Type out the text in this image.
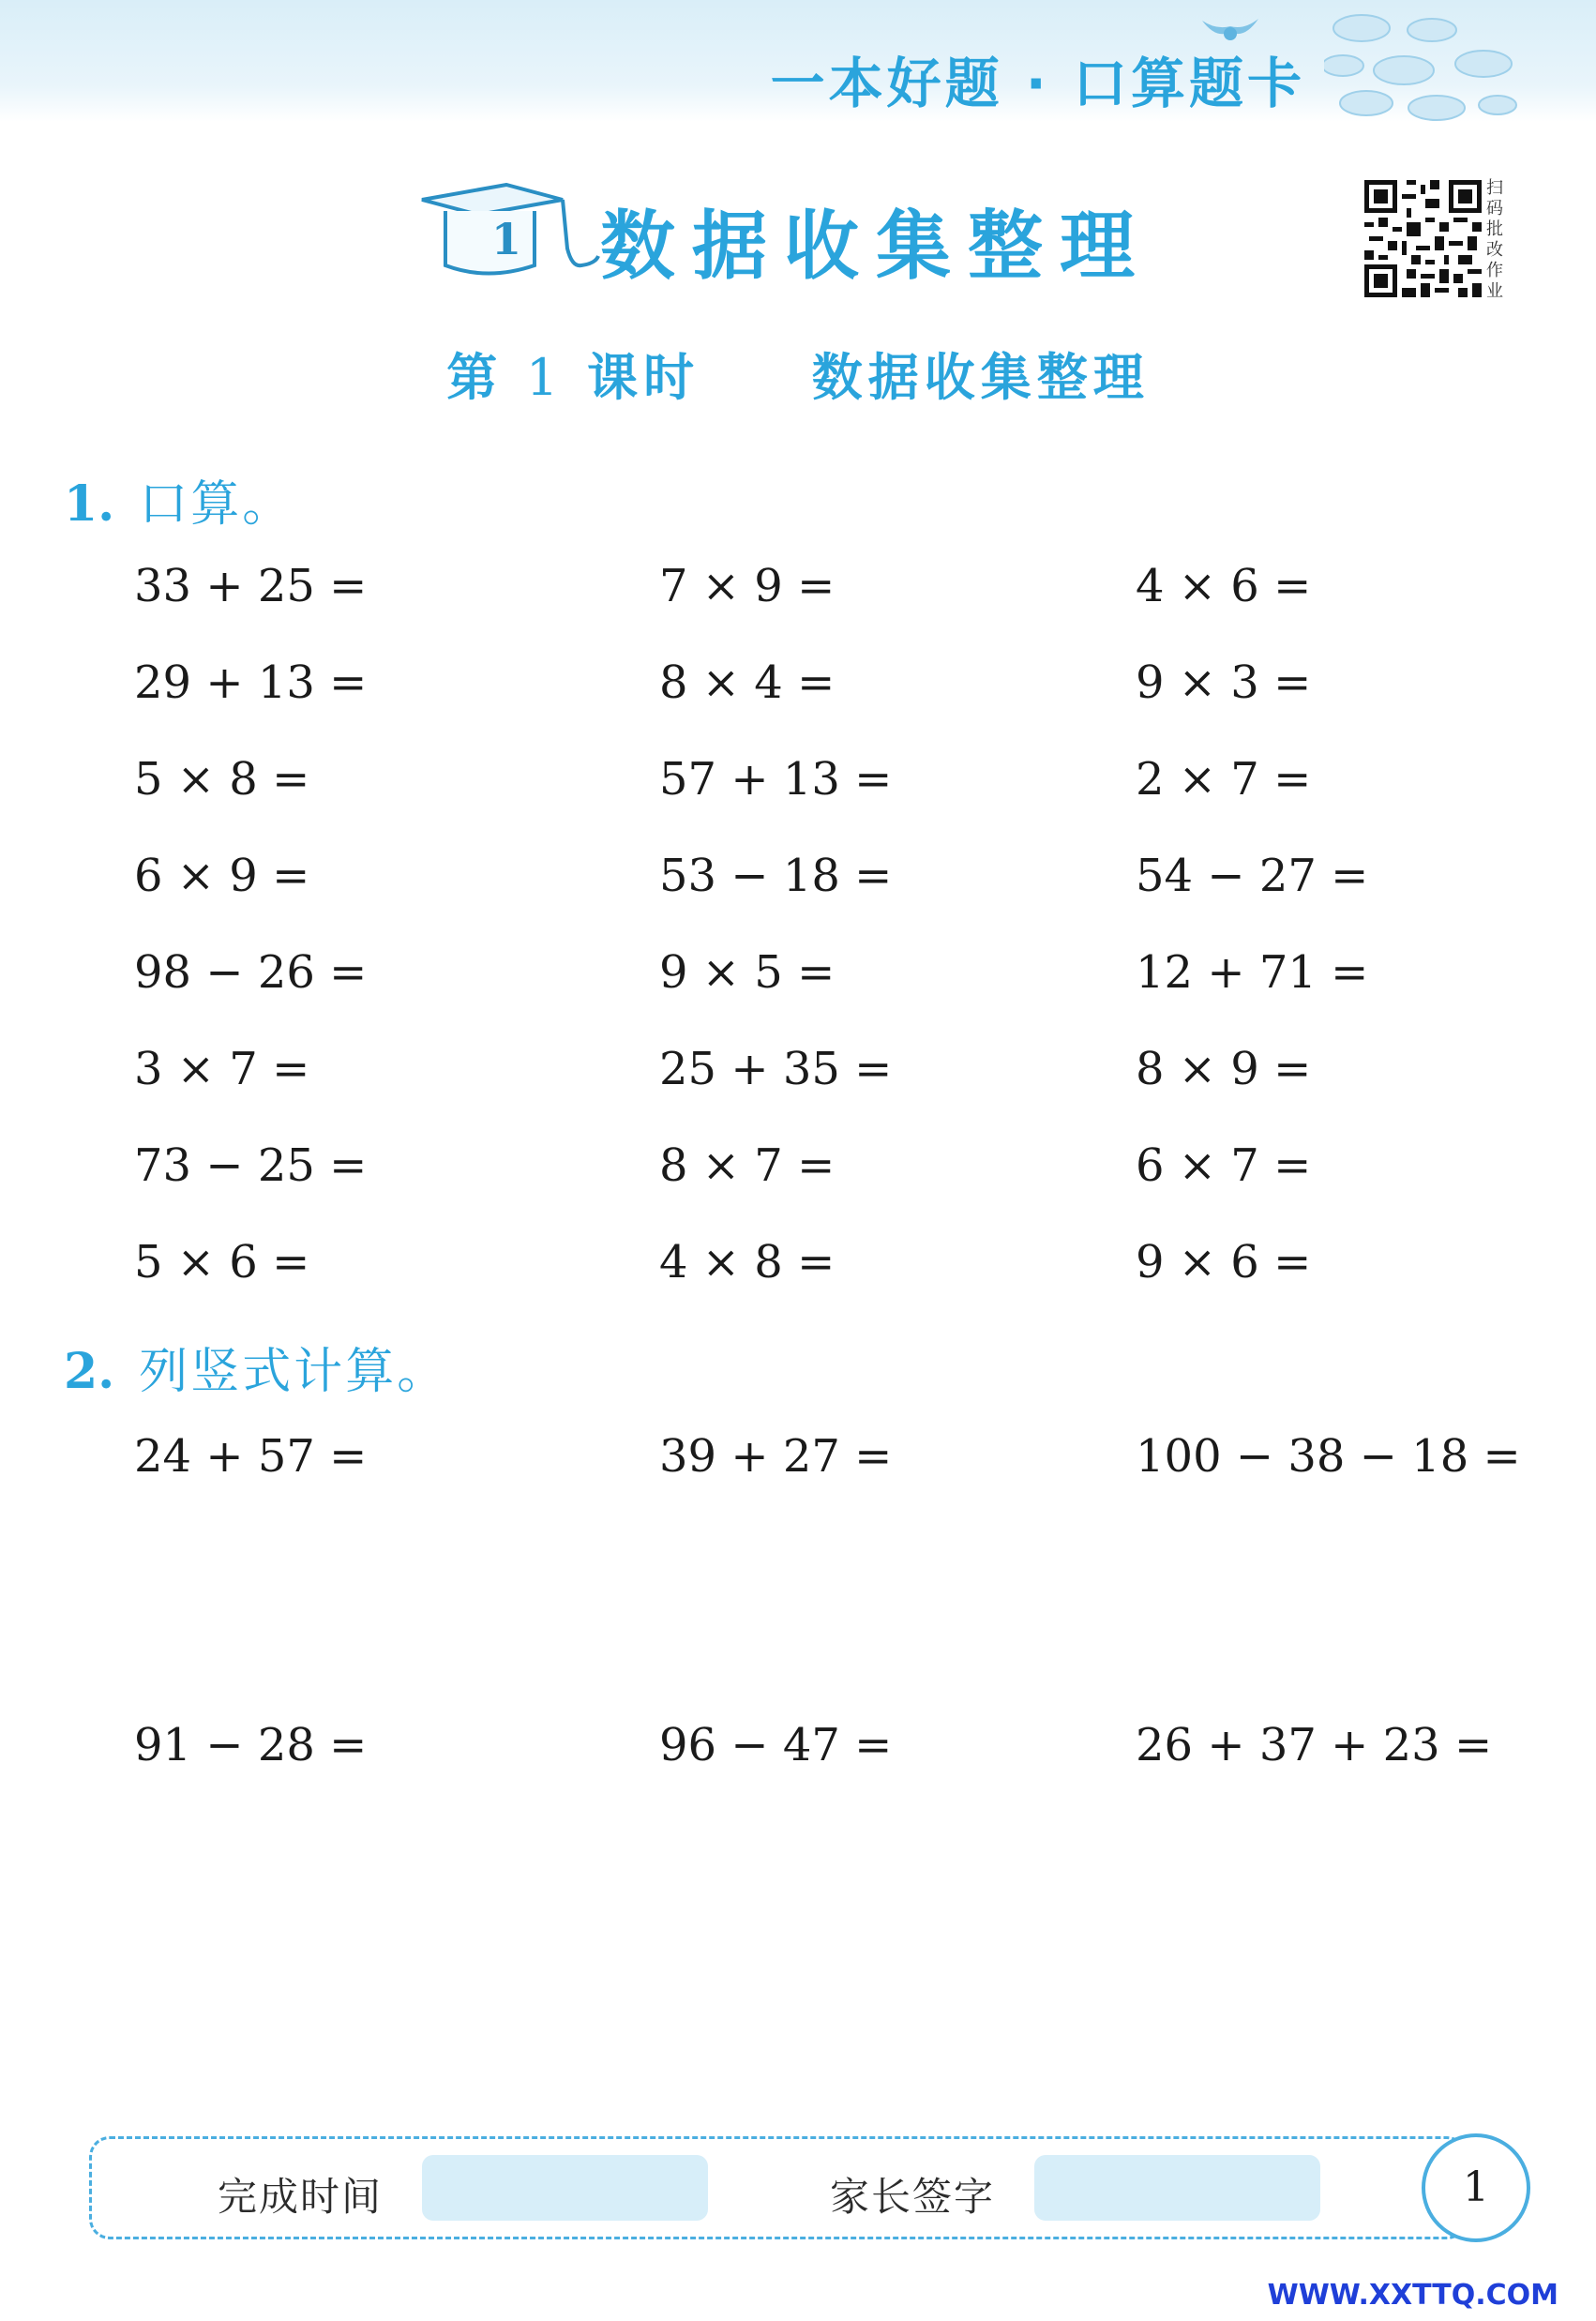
一本好题 · 口算题卡
1 数据收集整理
扫码批改作业
第 1 课时 数据收集整理
1. 口算。
33 + 25 =	7 × 9 =	4 × 6 =
29 + 13 =	8 × 4 =	9 × 3 =
5 × 8 =	57 + 13 =	2 × 7 =
6 × 9 =	53 − 18 =	54 − 27 =
98 − 26 =	9 × 5 =	12 + 71 =
3 × 7 =	25 + 35 =	8 × 9 =
73 − 25 =	8 × 7 =	6 × 7 =
5 × 6 =	4 × 8 =	9 × 6 =
2. 列竖式计算。
24 + 57 =	39 + 27 =	100 − 38 − 18 =
91 − 28 =	96 − 47 =	26 + 37 + 23 =
完成时间	家长签字	1
WWW.XXTTQ.COM
